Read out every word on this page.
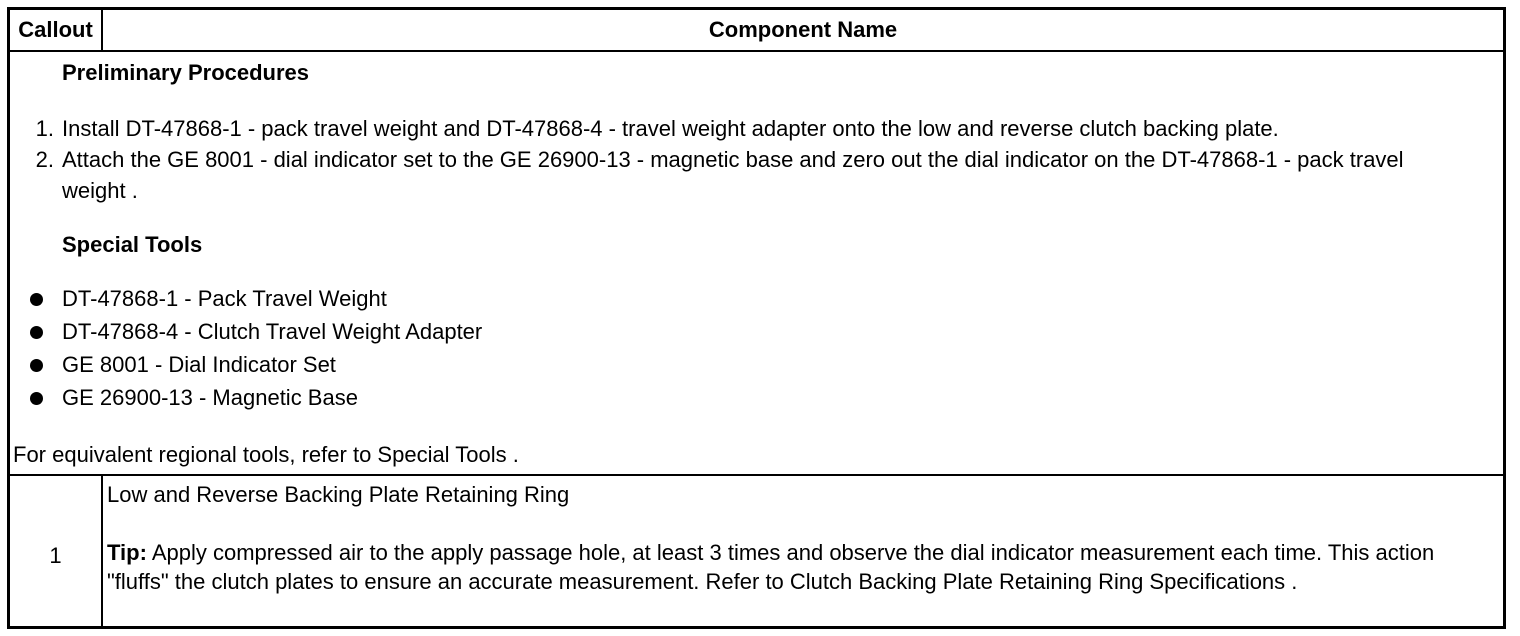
Callout	Component Name
Preliminary Procedures
1. Install DT-47868-1 - pack travel weight and DT-47868-4 - travel weight adapter onto the low and reverse clutch backing plate.
2. Attach the GE 8001 - dial indicator set to the GE 26900-13 - magnetic base and zero out the dial indicator on the DT-47868-1 - pack travel weight .
Special Tools
DT-47868-1 - Pack Travel Weight
DT-47868-4 - Clutch Travel Weight Adapter
GE 8001 - Dial Indicator Set
GE 26900-13 - Magnetic Base
For equivalent regional tools, refer to Special Tools .
1
Low and Reverse Backing Plate Retaining Ring
Tip: Apply compressed air to the apply passage hole, at least 3 times and observe the dial indicator measurement each time. This action "fluffs" the clutch plates to ensure an accurate measurement. Refer to Clutch Backing Plate Retaining Ring Specifications .
